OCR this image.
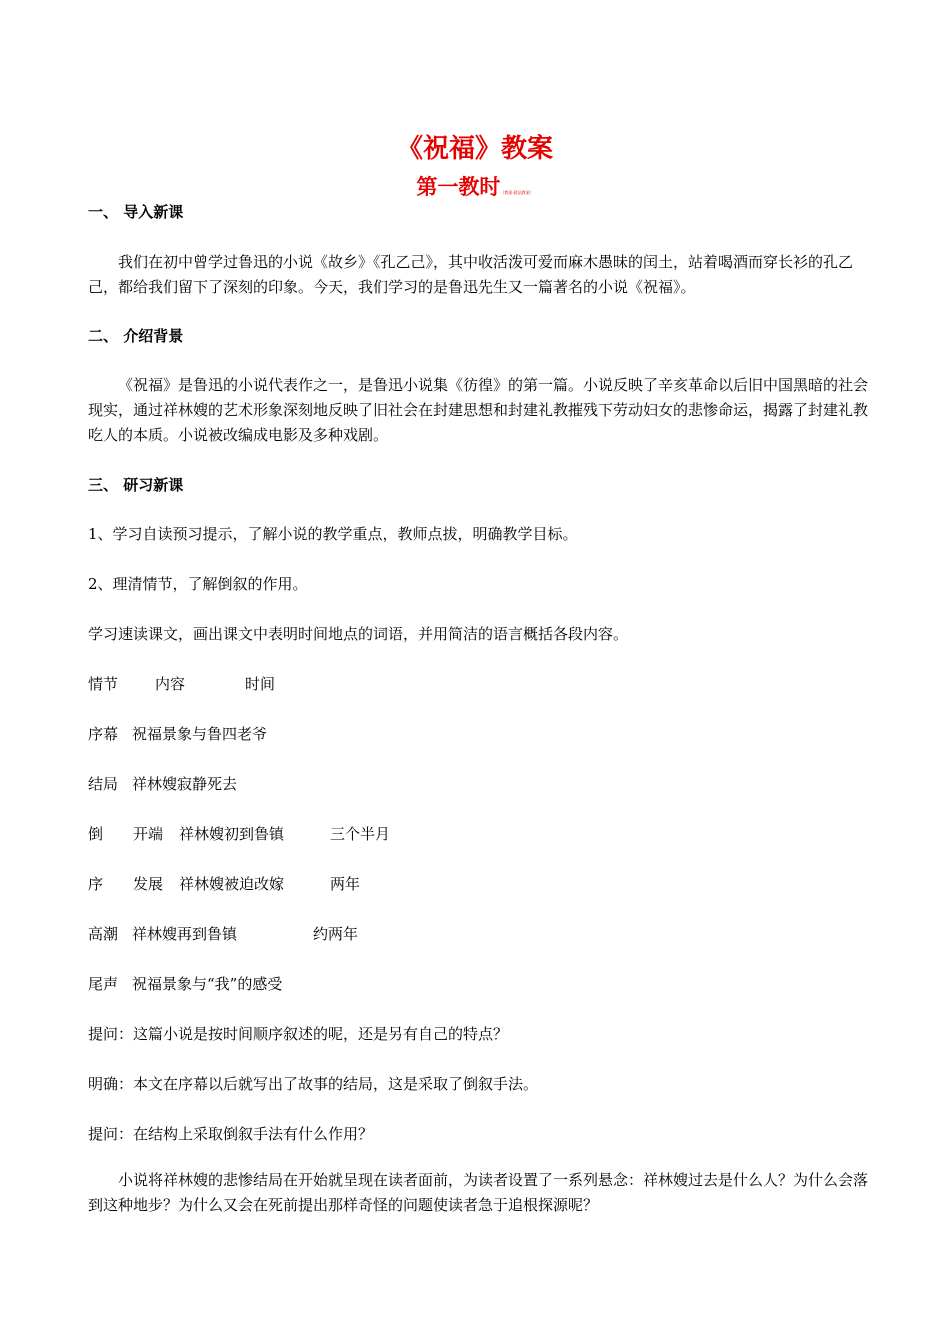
《祝福》教案
第一教时（教案·精品教案）
一、 导入新课
我们在初中曾学过鲁迅的小说《故乡》《孔乙己》，其中收活泼可爱而麻木愚昧的闰土，站着喝酒而穿长衫的孔乙己，都给我们留下了深刻的印象。今天，我们学习的是鲁迅先生又一篇著名的小说《祝福》。
二、 介绍背景
《祝福》是鲁迅的小说代表作之一，是鲁迅小说集《彷徨》的第一篇。小说反映了辛亥革命以后旧中国黑暗的社会现实，通过祥林嫂的艺术形象深刻地反映了旧社会在封建思想和封建礼教摧残下劳动妇女的悲惨命运，揭露了封建礼教吃人的本质。小说被改编成电影及多种戏剧。
三、 研习新课
1、学习自读预习提示，了解小说的教学重点，教师点拔，明确教学目标。
2、理清情节，了解倒叙的作用。
学习速读课文，画出课文中表明时间地点的词语，并用简洁的语言概括各段内容。
情节 内容	时间
序幕 祝福景象与鲁四老爷
结局 祥林嫂寂静死去
倒 开端 祥林嫂初到鲁镇	三个半月
序 发展 祥林嫂被迫改嫁	两年
高潮 祥林嫂再到鲁镇	约两年
尾声 祝福景象与“我”的感受
提问：这篇小说是按时间顺序叙述的呢，还是另有自己的特点？
明确：本文在序幕以后就写出了故事的结局，这是采取了倒叙手法。
提问：在结构上采取倒叙手法有什么作用？
小说将祥林嫂的悲惨结局在开始就呈现在读者面前，为读者设置了一系列悬念：祥林嫂过去是什么人？为什么会落到这种地步？为什么又会在死前提出那样奇怪的问题使读者急于追根探源呢？
